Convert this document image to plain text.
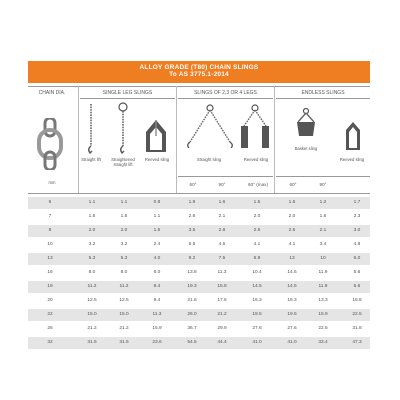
ALLOY GRADE (T80) CHAIN SLINGS
To AS 3775.1-2014
CHAIN DIA.	SINGLE LEG SLINGS	SLINGS OF 2,3 OR 4 LEGS	ENDLESS SLINGS
mm
Straight lift	Straightened straight lift
Reeved sling	Straight sling	Reeved sling
Basket sling
Reeved sling
60°	90°	60° (max)	60°	90°
6	1.1	1.1	0.8	1.9	1.6	1.5	1.5	1.2	1.7
7	1.5	1.5	1.1	2.6	2.1	2.0	2.0	1.6	2.3
8	2.0	2.0	1.5	3.5	2.8	2.6	2.6	2.1	3.0
10	3.2	3.2	2.4	5.5	4.5	4.1	4.1	3.4	4.8
13	5.3	5.3	4.0	9.2	7.5	6.9	13	10	6.0
16	8.0	8.0	6.0	13.8	11.3	10.4	14.5	11.9	5.6
19	11.2	11.2	8.4	19.3	15.8	14.5	14.5	11.9	5.6
20	12.5	12.5	9.4	21.6	17.6	16.3	16.3	13.3	18.8
22	15.0	15.0	11.3	26.0	21.2	19.5	19.5	15.9	22.5
26	21.2	21.2	15.9	36.7	29.9	27.6	27.6	22.5	31.8
32	31.5	31.5	23.6	54.5	44.4	41.0	41.0	33.4	47.3
